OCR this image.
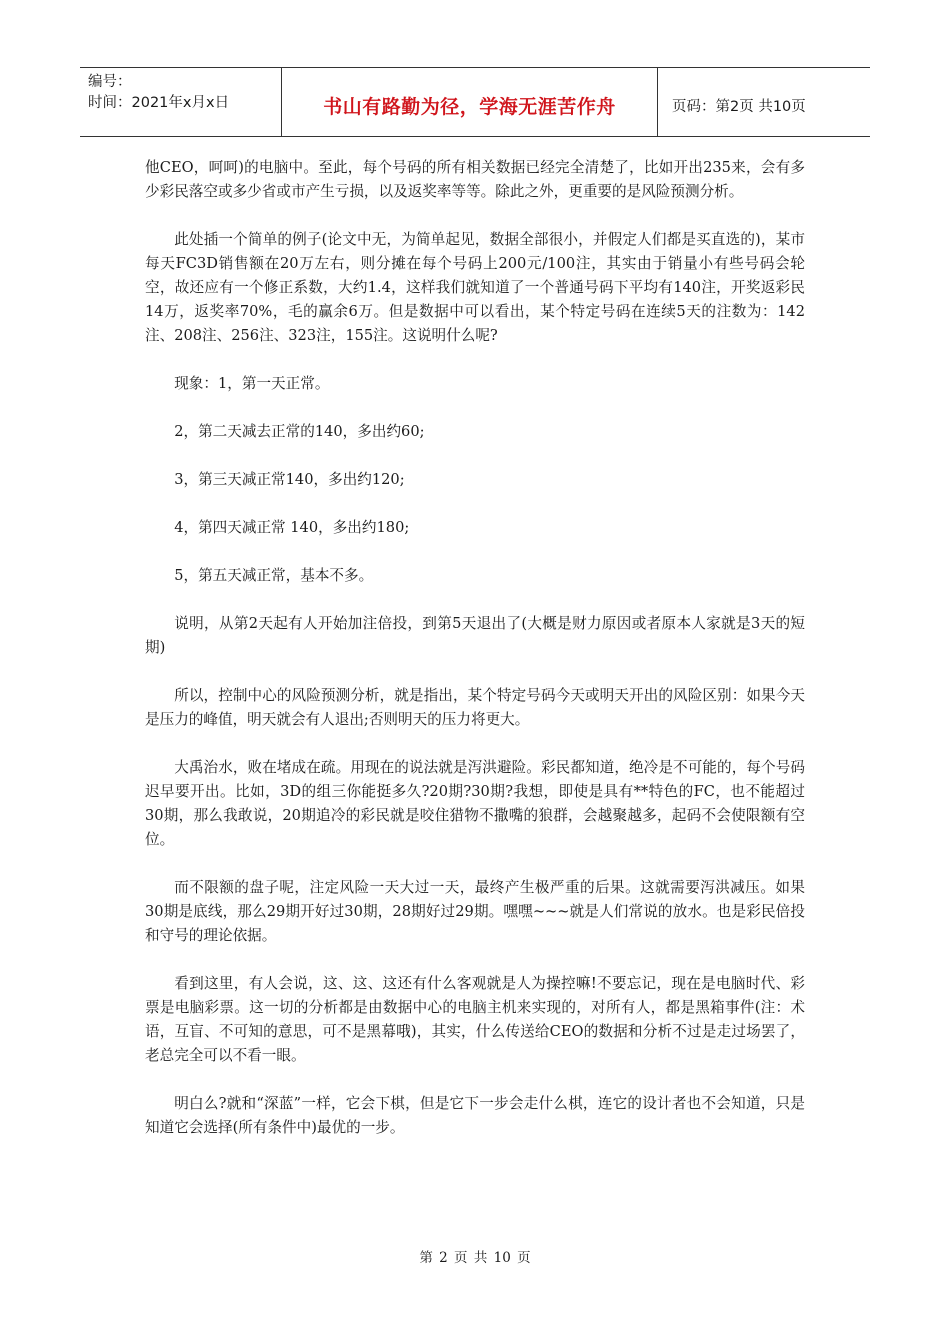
编号：
时间：2021年x月x日	书山有路勤为径，学海无涯苦作舟	页码：第2页 共10页

他CEO，呵呵)的电脑中。至此，每个号码的所有相关数据已经完全清楚了，比如开出235来，会有多少彩民落空或多少省或市产生亏损，以及返奖率等等。除此之外，更重要的是风险预测分析。

此处插一个简单的例子(论文中无，为简单起见，数据全部很小，并假定人们都是买直选的)，某市每天FC3D销售额在20万左右，则分摊在每个号码上200元/100注，其实由于销量小有些号码会轮空，故还应有一个修正系数，大约1.4，这样我们就知道了一个普通号码下平均有140注，开奖返彩民14万，返奖率70%，毛的赢余6万。但是数据中可以看出，某个特定号码在连续5天的注数为：142注、208注、256注、323注，155注。这说明什么呢?

现象：1，第一天正常。

2，第二天减去正常的140，多出约60;

3，第三天减正常140，多出约120;

4，第四天减正常 140，多出约180;

5，第五天减正常，基本不多。

说明，从第2天起有人开始加注倍投，到第5天退出了(大概是财力原因或者原本人家就是3天的短期)

所以，控制中心的风险预测分析，就是指出，某个特定号码今天或明天开出的风险区别：如果今天是压力的峰值，明天就会有人退出;否则明天的压力将更大。

大禹治水，败在堵成在疏。用现在的说法就是泻洪避险。彩民都知道，绝冷是不可能的，每个号码迟早要开出。比如，3D的组三你能挺多久?20期?30期?我想，即使是具有**特色的FC，也不能超过30期，那么我敢说，20期追冷的彩民就是咬住猎物不撒嘴的狼群，会越聚越多，起码不会使限额有空位。

而不限额的盘子呢，注定风险一天大过一天，最终产生极严重的后果。这就需要泻洪减压。如果30期是底线，那么29期开好过30期，28期好过29期。嘿嘿~~~就是人们常说的放水。也是彩民倍投和守号的理论依据。

看到这里，有人会说，这、这、这还有什么客观就是人为操控嘛!不要忘记，现在是电脑时代、彩票是电脑彩票。这一切的分析都是由数据中心的电脑主机来实现的，对所有人，都是黑箱事件(注：术语，互盲、不可知的意思，可不是黑幕哦)，其实，什么传送给CEO的数据和分析不过是走过场罢了，老总完全可以不看一眼。

明白么?就和“深蓝”一样，它会下棋，但是它下一步会走什么棋，连它的设计者也不会知道，只是知道它会选择(所有条件中)最优的一步。

第 2 页 共 10 页
